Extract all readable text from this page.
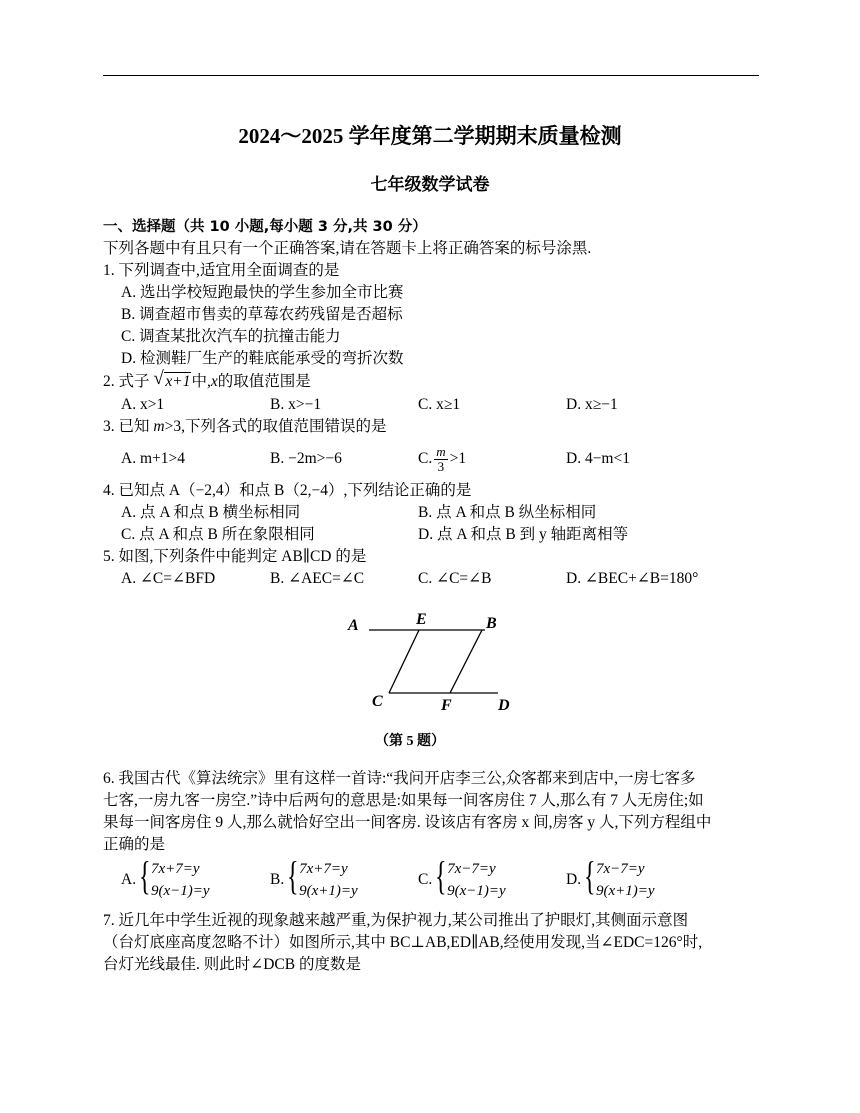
2024～2025 学年度第二学期期末质量检测
七年级数学试卷
一、选择题（共 10 小题,每小题 3 分,共 30 分）
下列各题中有且只有一个正确答案,请在答题卡上将正确答案的标号涂黑.
1. 下列调查中,适宜用全面调查的是
A. 选出学校短跑最快的学生参加全市比赛
B. 调查超市售卖的草莓农药残留是否超标
C. 调查某批次汽车的抗撞击能力
D. 检测鞋厂生产的鞋底能承受的弯折次数
2. 式子 √ x+1中,x的取值范围是
A. x>1	B. x>−1	C. x≥1	D. x≥−1
3. 已知 m>3,下列各式的取值范围错误的是
A. m+1>4	B. −2m>−6	C. $\frac{m}{3} >1$	D. 4−m<1
4. 已知点 A（−2,4）和点 B（2,−4）,下列结论正确的是
A. 点 A 和点 B 横坐标相同	B. 点 A 和点 B 纵坐标相同
C. 点 A 和点 B 所在象限相同	D. 点 A 和点 B 到 y 轴距离相等
5. 如图,下列条件中能判定 AB∥CD 的是
A. ∠C=∠BFD	B. ∠AEC=∠C	C. ∠C=∠B	D. ∠BEC+∠B=180°
A	E	B
C	F	D
（第 5 题）
6. 我国古代《算法统宗》里有这样一首诗:“我问开店李三公,众客都来到店中,一房七客多
七客,一房九客一房空.”诗中后两句的意思是:如果每一间客房住 7 人,那么有 7 人无房住;如
果每一间客房住 9 人,那么就恰好空出一间客房. 设该店有客房 x 间,房客 y 人,下列方程组中
正确的是
A. { 7x+7=y
9(x−1)=y
B. { 7x+7=y
9(x+1)=y
C. { 7x−7=y
9(x−1)=y
D. { 7x−7=y
9(x+1)=y
7. 近几年中学生近视的现象越来越严重,为保护视力,某公司推出了护眼灯,其侧面示意图
（台灯底座高度忽略不计）如图所示,其中 BC⊥AB,ED∥AB,经使用发现,当∠EDC=126°时,
台灯光线最佳. 则此时∠DCB 的度数是
